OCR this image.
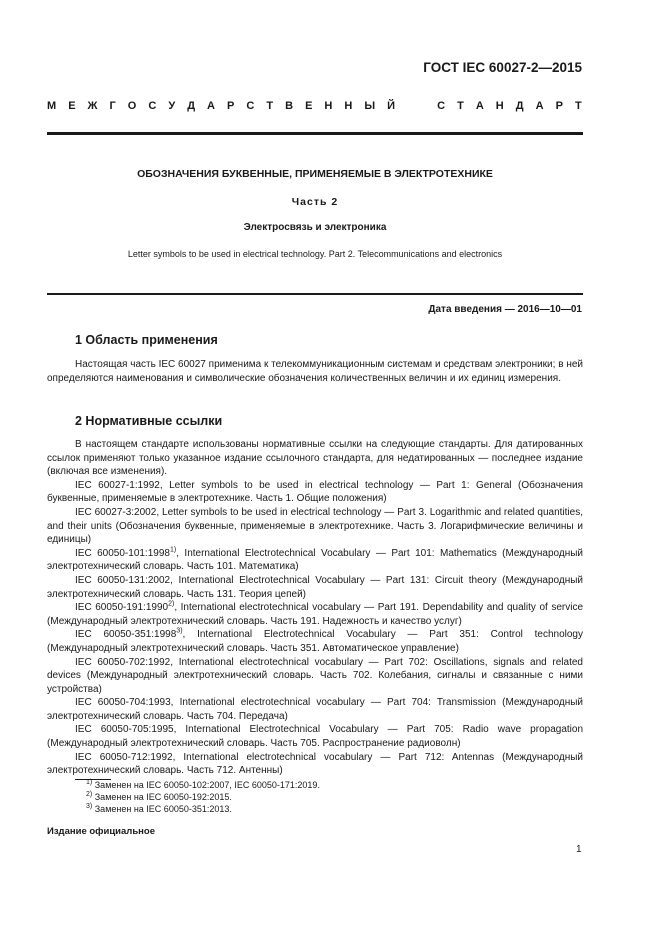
ГОСТ IEC 60027-2—2015
М Е Ж Г О С У Д А Р С Т В Е Н Н Ы Й	С Т А Н Д А Р Т
ОБОЗНАЧЕНИЯ БУКВЕННЫЕ, ПРИМЕНЯЕМЫЕ В ЭЛЕКТРОТЕХНИКЕ
Часть 2
Электросвязь и электроника
Letter symbols to be used in electrical technology. Part 2. Telecommunications and electronics
Дата введения — 2016—10—01
1 Область применения

Настоящая часть IEC 60027 применима к телекоммуникационным системам и средствам электроники; в ней определяются наименования и символические обозначения количественных величин и их единиц измерения.

2 Нормативные ссылки

В настоящем стандарте использованы нормативные ссылки на следующие стандарты. Для датированных ссылок применяют только указанное издание ссылочного стандарта, для недатированных — последнее издание (включая все изменения).

IEC 60027-1:1992, Letter symbols to be used in electrical technology — Part 1: General (Обозначения буквенные, применяемые в электротехнике. Часть 1. Общие положения)

IEC 60027-3:2002, Letter symbols to be used in electrical technology — Part 3. Logarithmic and related quantities, and their units (Обозначения буквенные, применяемые в электротехнике. Часть 3. Логарифмические величины и единицы)

IEC 60050-101:1998$^{1)}$, International Electrotechnical Vocabulary — Part 101: Mathematics (Международный электротехнический словарь. Часть 101. Математика)

IEC 60050-131:2002, International Electrotechnical Vocabulary — Part 131: Circuit theory (Международный электротехнический словарь. Часть 131. Теория цепей)

IEC 60050-191:1990$^{2)}$, International electrotechnical vocabulary — Part 191. Dependability and quality of service (Международный электротехнический словарь. Часть 191. Надежность и качество услуг)

IEC 60050-351:1998$^{3)}$, International Electrotechnical Vocabulary — Part 351: Control technology (Международный электротехнический словарь. Часть 351. Автоматическое управление)

IEC 60050-702:1992, International electrotechnical vocabulary — Part 702: Oscillations, signals and related devices (Международный электротехнический словарь. Часть 702. Колебания, сигналы и связанные с ними устройства)

IEC 60050-704:1993, International electrotechnical vocabulary — Part 704: Transmission (Международный электротехнический словарь. Часть 704. Передача)

IEC 60050-705:1995, International Electrotechnical Vocabulary — Part 705: Radio wave propagation (Международный электротехнический словарь. Часть 705. Распространение радиоволн)

IEC 60050-712:1992, International electrotechnical vocabulary — Part 712: Antennas (Международный электротехнический словарь. Часть 712. Антенны)

$^{1)}$ Заменен на IEC 60050-102:2007, IEC 60050-171:2019.
$^{2)}$ Заменен на IEC 60050-192:2015.
$^{3)}$ Заменен на IEC 60050-351:2013.
Издание официальное
1
